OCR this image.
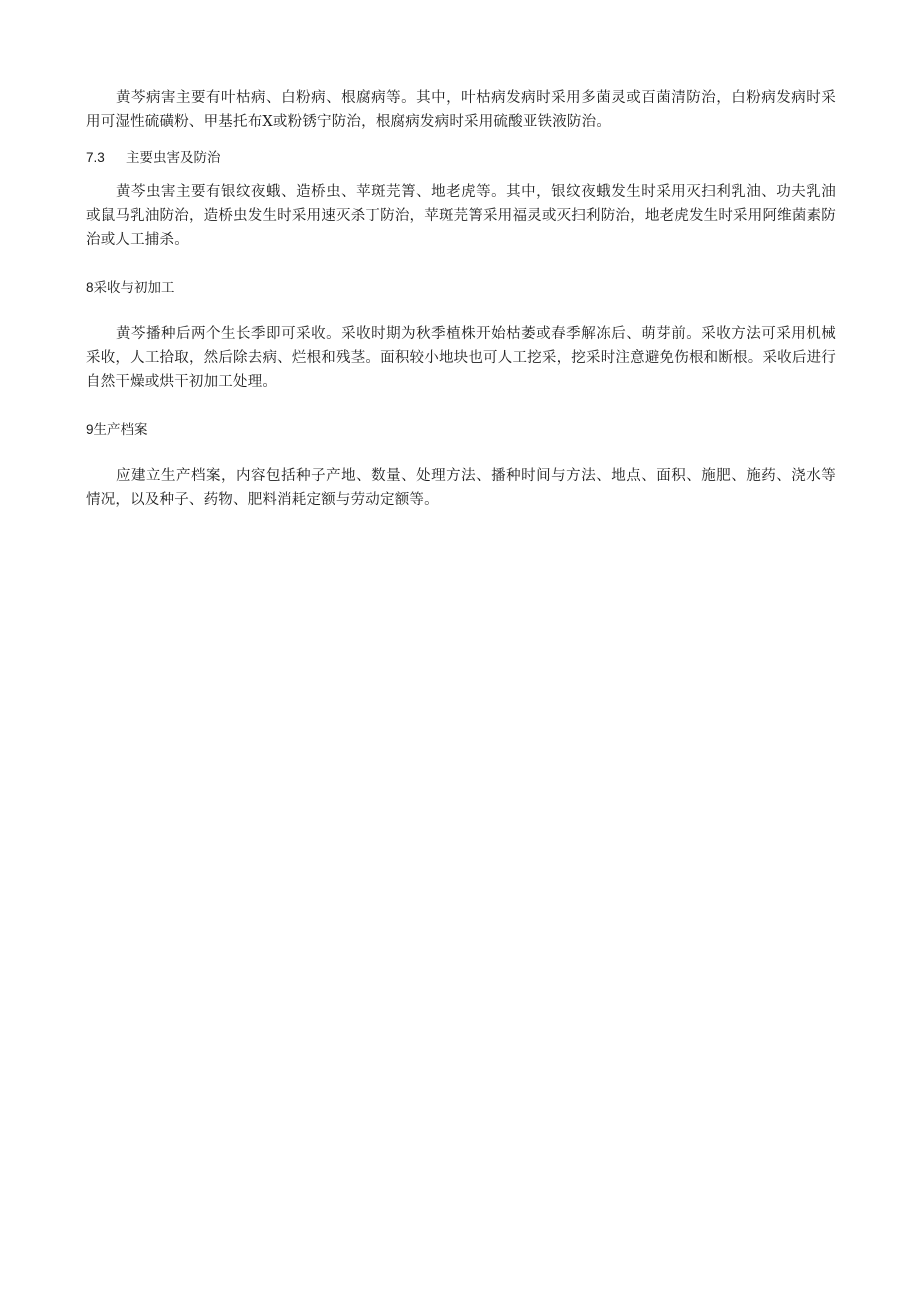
黄芩病害主要有叶枯病、白粉病、根腐病等。其中，叶枯病发病时采用多菌灵或百菌清防治，白粉病发病时采用可湿性硫磺粉、甲基托布X或粉锈宁防治，根腐病发病时采用硫酸亚铁液防治。

7.3 主要虫害及防治

黄芩虫害主要有银纹夜蛾、造桥虫、苹斑芫箐、地老虎等。其中，银纹夜蛾发生时采用灭扫利乳油、功夫乳油或鼠马乳油防治，造桥虫发生时采用速灭杀丁防治，苹斑芫箐采用福灵或灭扫利防治，地老虎发生时采用阿维菌素防治或人工捕杀。

8采收与初加工

黄芩播种后两个生长季即可采收。采收时期为秋季植株开始枯萎或春季解冻后、萌芽前。采收方法可采用机械采收，人工拾取，然后除去病、烂根和残茎。面积较小地块也可人工挖采，挖采时注意避免伤根和断根。采收后进行自然干燥或烘干初加工处理。

9生产档案

应建立生产档案，内容包括种子产地、数量、处理方法、播种时间与方法、地点、面积、施肥、施药、浇水等情况，以及种子、药物、肥料消耗定额与劳动定额等。
